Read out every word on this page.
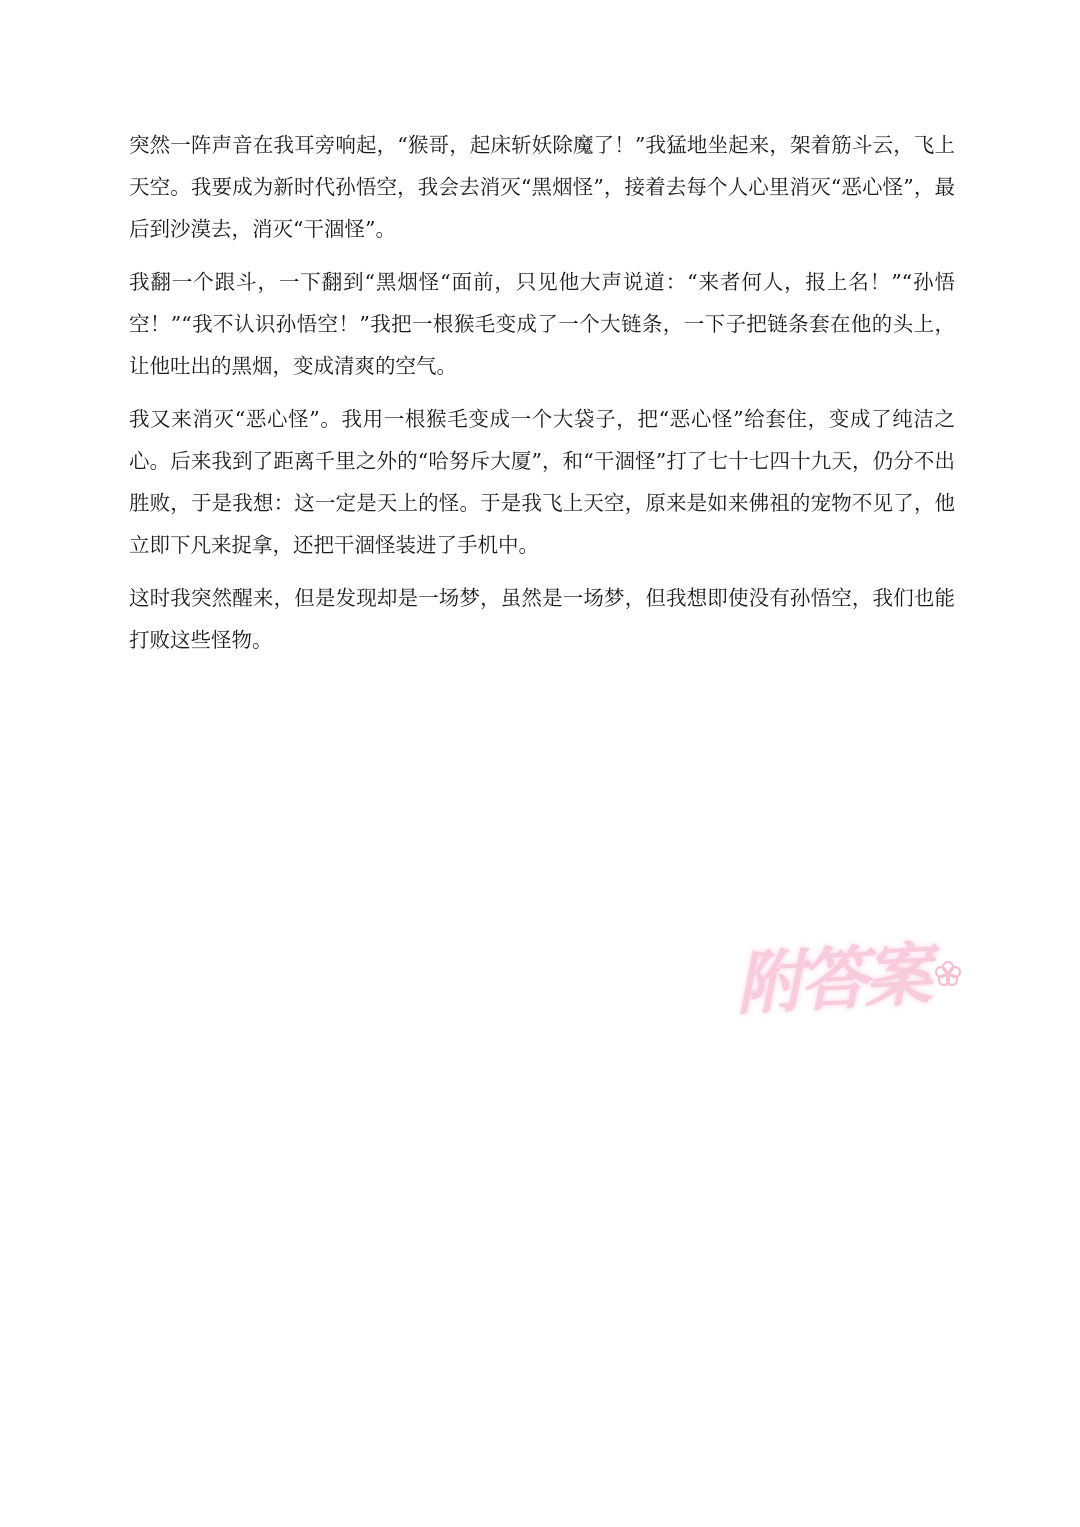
突然一阵声音在我耳旁响起，“猴哥，起床斩妖除魔了！”我猛地坐起来，架着筋斗云，飞上天空。我要成为新时代孙悟空，我会去消灭“黑烟怪”，接着去每个人心里消灭“恶心怪”，最后到沙漠去，消灭“干涸怪”。

我翻一个跟斗，一下翻到“黑烟怪“面前，只见他大声说道：“来者何人，报上名！”“孙悟空！”“我不认识孙悟空！”我把一根猴毛变成了一个大链条，一下子把链条套在他的头上，让他吐出的黑烟，变成清爽的空气。

我又来消灭“恶心怪”。我用一根猴毛变成一个大袋子，把“恶心怪”给套住，变成了纯洁之心。后来我到了距离千里之外的“哈努斥大厦”，和“干涸怪”打了七十七四十九天，仍分不出胜败，于是我想：这一定是天上的怪。于是我飞上天空，原来是如来佛祖的宠物不见了，他立即下凡来捉拿，还把干涸怪装进了手机中。

这时我突然醒来，但是发现却是一场梦，虽然是一场梦，但我想即使没有孙悟空，我们也能打败这些怪物。

附答案
